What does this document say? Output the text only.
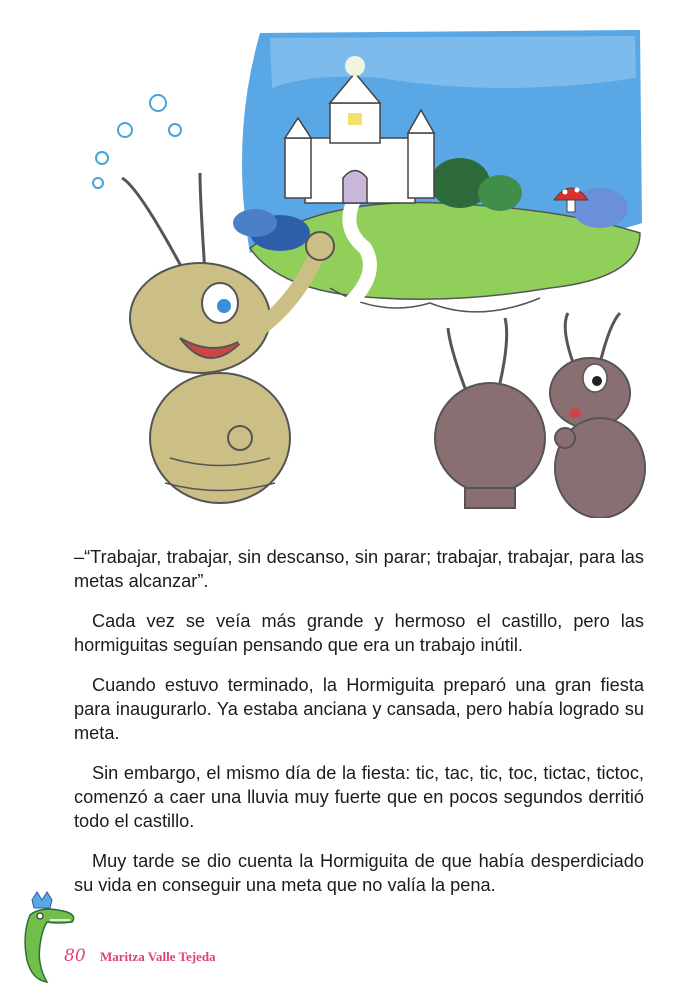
–“Trabajar, trabajar, sin descanso, sin parar; trabajar, trabajar, para las metas alcanzar”.

Cada vez se veía más grande y hermoso el castillo, pero las hormiguitas seguían pensando que era un trabajo inútil.

Cuando estuvo terminado, la Hormiguita preparó una gran fiesta para inaugurarlo. Ya estaba anciana y cansada, pero había logrado su meta.

Sin embargo, el mismo día de la fiesta: tic, tac, tic, toc, tictac, tictoc, comenzó a caer una lluvia muy fuerte que en pocos segundos derritió todo el castillo.

Muy tarde se dio cuenta la Hormiguita de que había desperdiciado su vida en conseguir una meta que no valía la pena.

80 Maritza Valle Tejeda
